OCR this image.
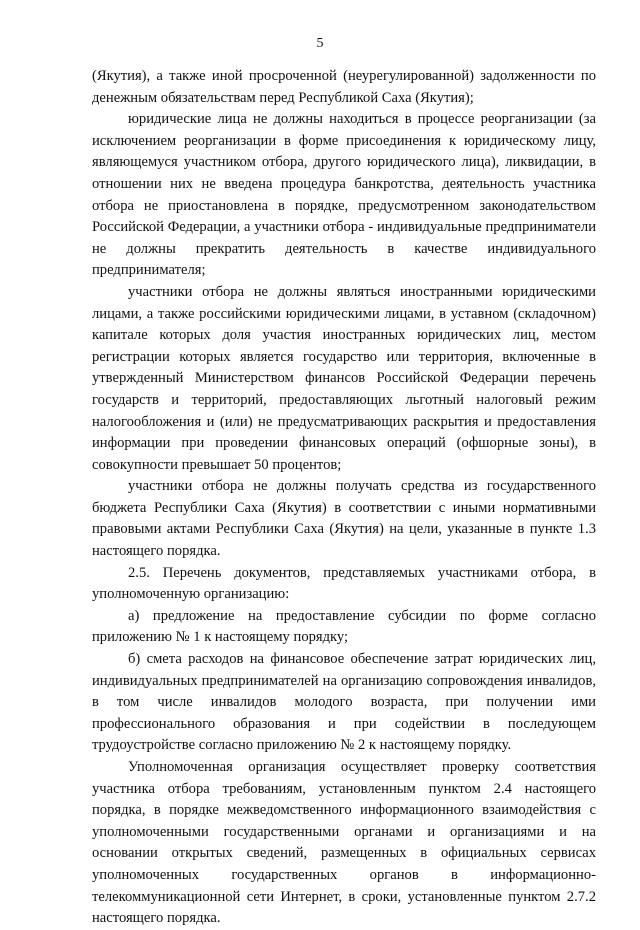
5

(Якутия), а также иной просроченной (неурегулированной) задолженности по денежным обязательствам перед Республикой Саха (Якутия);

юридические лица не должны находиться в процессе реорганизации (за исключением реорганизации в форме присоединения к юридическому лицу, являющемуся участником отбора, другого юридического лица), ликвидации, в отношении них не введена процедура банкротства, деятельность участника отбора не приостановлена в порядке, предусмотренном законодательством Российской Федерации, а участники отбора - индивидуальные предприниматели не должны прекратить деятельность в качестве индивидуального предпринимателя;

участники отбора не должны являться иностранными юридическими лицами, а также российскими юридическими лицами, в уставном (складочном) капитале которых доля участия иностранных юридических лиц, местом регистрации которых является государство или территория, включенные в утвержденный Министерством финансов Российской Федерации перечень государств и территорий, предоставляющих льготный налоговый режим налогообложения и (или) не предусматривающих раскрытия и предоставления информации при проведении финансовых операций (офшорные зоны), в совокупности превышает 50 процентов;

участники отбора не должны получать средства из государственного бюджета Республики Саха (Якутия) в соответствии с иными нормативными правовыми актами Республики Саха (Якутия) на цели, указанные в пункте 1.3 настоящего порядка.

2.5. Перечень документов, представляемых участниками отбора, в уполномоченную организацию:

а) предложение на предоставление субсидии по форме согласно приложению № 1 к настоящему порядку;

б) смета расходов на финансовое обеспечение затрат юридических лиц, индивидуальных предпринимателей на организацию сопровождения инвалидов, в том числе инвалидов молодого возраста, при получении ими профессионального образования и при содействии в последующем трудоустройстве согласно приложению № 2 к настоящему порядку.

Уполномоченная организация осуществляет проверку соответствия участника отбора требованиям, установленным пунктом 2.4 настоящего порядка, в порядке межведомственного информационного взаимодействия с уполномоченными государственными органами и организациями и на основании открытых сведений, размещенных в официальных сервисах уполномоченных государственных органов в информационно-телекоммуникационной сети Интернет, в сроки, установленные пунктом 2.7.2 настоящего порядка.
